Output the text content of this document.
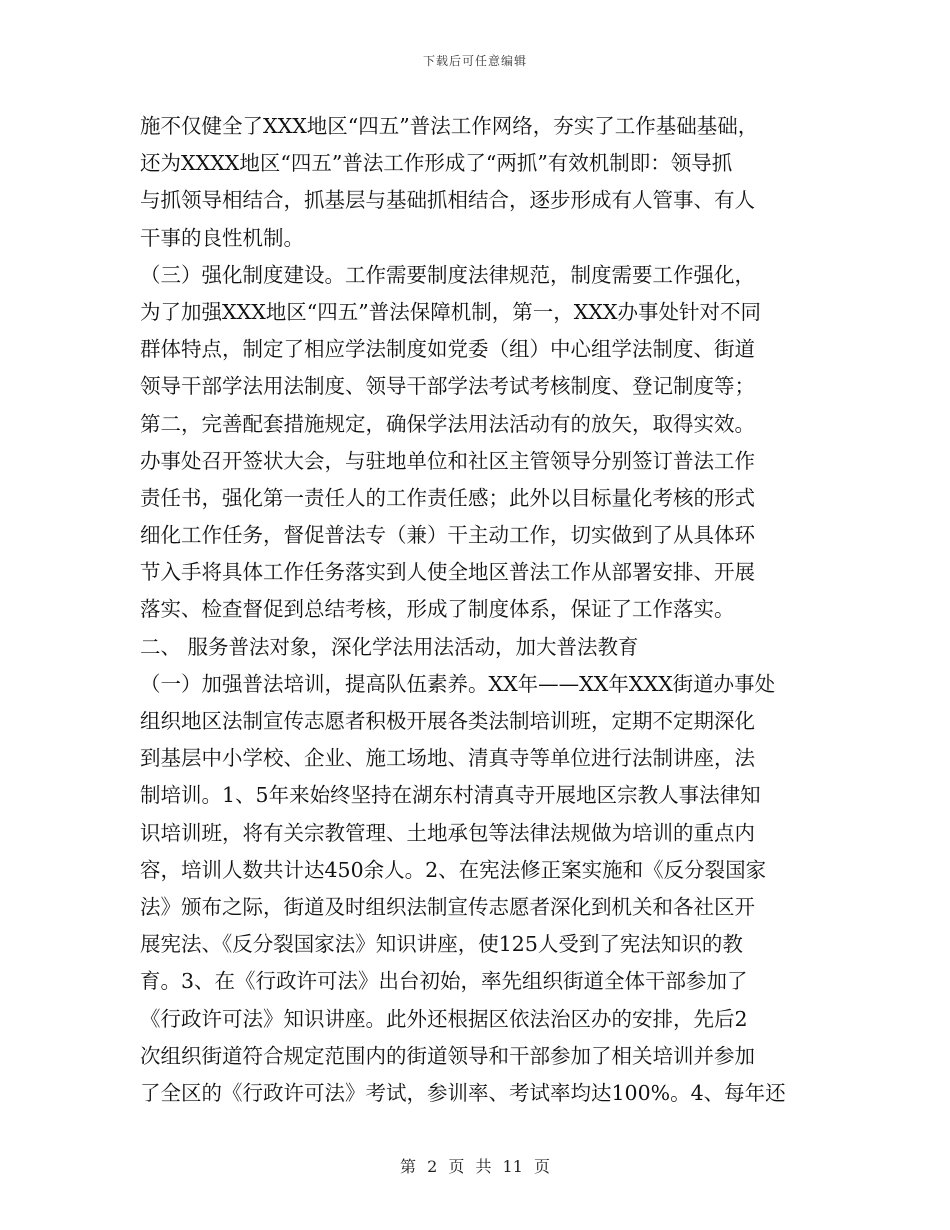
下载后可任意编辑
施不仅健全了XXX地区“四五”普法工作网络，夯实了工作基础基础，
还为XXXX地区“四五”普法工作形成了“两抓”有效机制即：领导抓
与抓领导相结合，抓基层与基础抓相结合，逐步形成有人管事、有人
干事的良性机制。
（三）强化制度建设。工作需要制度法律规范，制度需要工作强化，
为了加强XXX地区“四五”普法保障机制，第一，XXX办事处针对不同
群体特点，制定了相应学法制度如党委（组）中心组学法制度、街道
领导干部学法用法制度、领导干部学法考试考核制度、登记制度等；
第二，完善配套措施规定，确保学法用法活动有的放矢，取得实效。
办事处召开签状大会，与驻地单位和社区主管领导分别签订普法工作
责任书，强化第一责任人的工作责任感；此外以目标量化考核的形式
细化工作任务，督促普法专（兼）干主动工作，切实做到了从具体环
节入手将具体工作任务落实到人使全地区普法工作从部署安排、开展
落实、检查督促到总结考核，形成了制度体系，保证了工作落实。
二、 服务普法对象，深化学法用法活动，加大普法教育
（一）加强普法培训，提高队伍素养。XX年——XX年XXX街道办事处
组织地区法制宣传志愿者积极开展各类法制培训班，定期不定期深化
到基层中小学校、企业、施工场地、清真寺等单位进行法制讲座，法
制培训。1、5年来始终坚持在湖东村清真寺开展地区宗教人事法律知
识培训班，将有关宗教管理、土地承包等法律法规做为培训的重点内
容，培训人数共计达450余人。2、在宪法修正案实施和《反分裂国家
法》颁布之际，街道及时组织法制宣传志愿者深化到机关和各社区开
展宪法、《反分裂国家法》知识讲座，使125人受到了宪法知识的教
育。3、在《行政许可法》出台初始，率先组织街道全体干部参加了
《行政许可法》知识讲座。此外还根据区依法治区办的安排，先后2
次组织街道符合规定范围内的街道领导和干部参加了相关培训并参加
了全区的《行政许可法》考试，参训率、考试率均达100%。4、每年还
第 2 页 共 11 页
